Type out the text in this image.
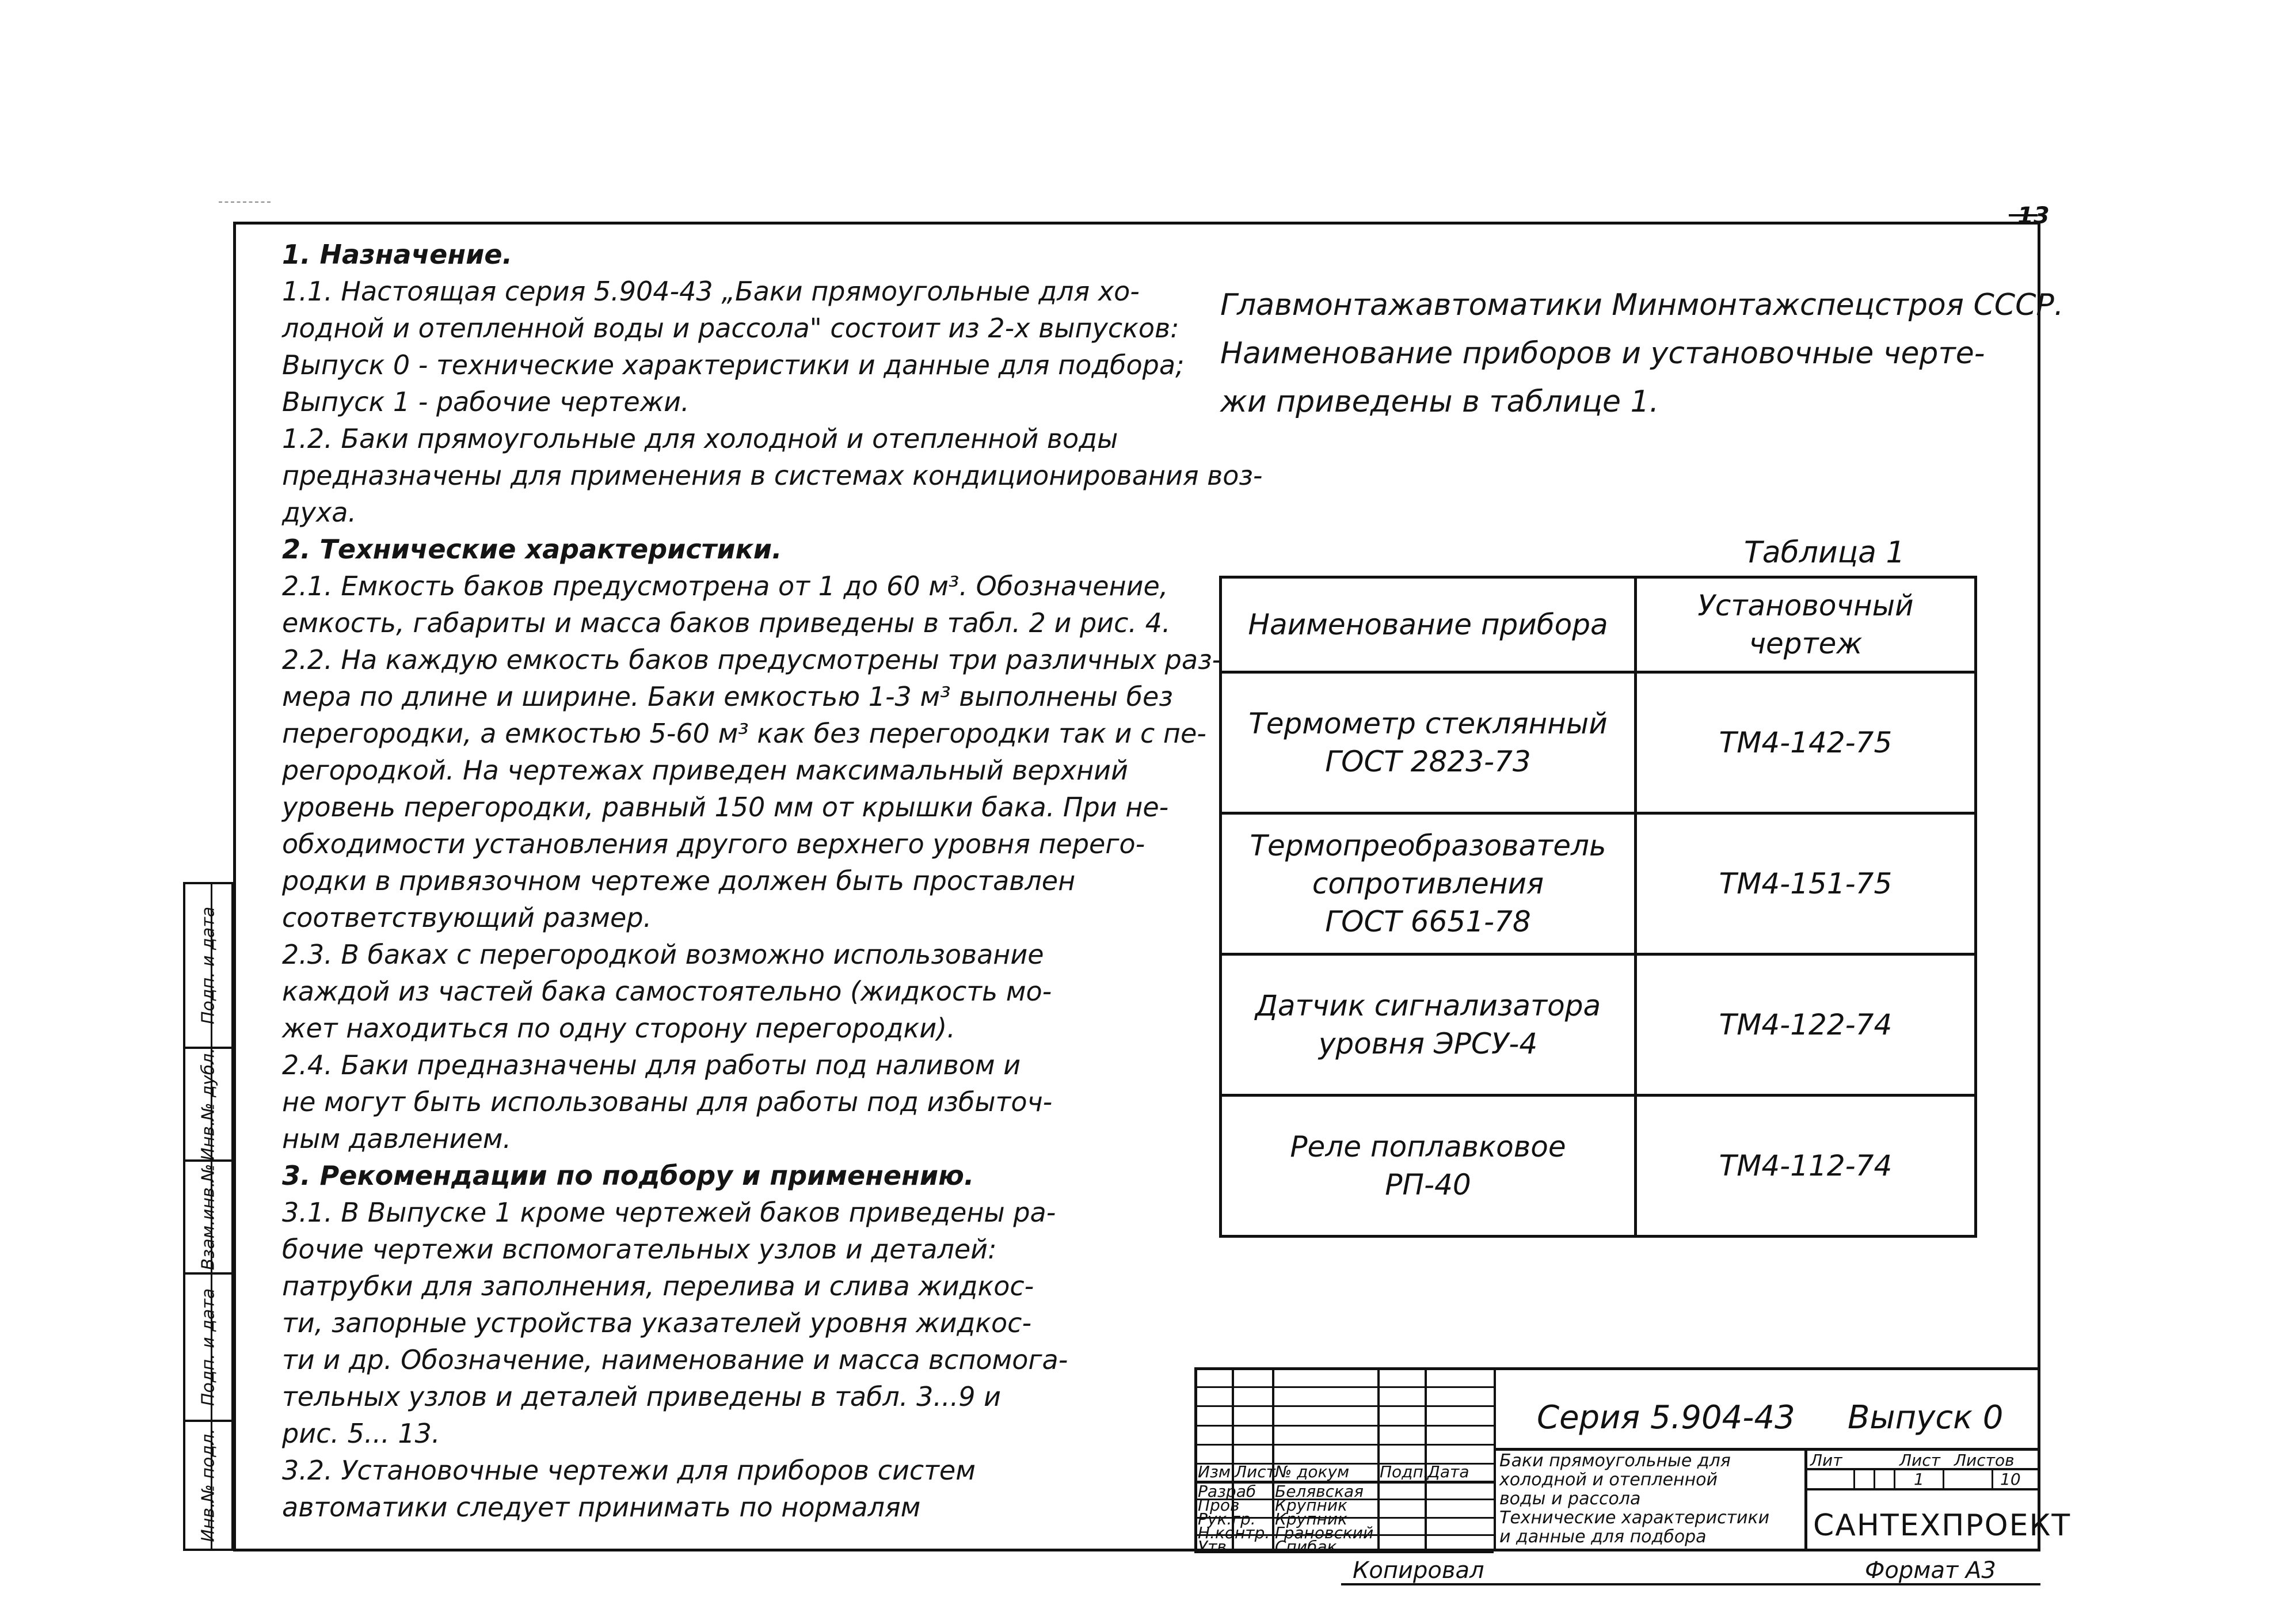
13
1. Назначение.
1.1. Настоящая серия 5.904-43 „Баки прямоугольные для хо-
лодной и отепленной воды и рассола" состоит из 2-х выпусков:
Выпуск 0 - технические характеристики и данные для подбора;
Выпуск 1 - рабочие чертежи.
1.2. Баки прямоугольные для холодной и отепленной воды
предназначены для применения в системах кондиционирования воз-
духа.
2. Технические характеристики.
2.1. Емкость баков предусмотрена от 1 до 60 м³. Обозначение,
емкость, габариты и масса баков приведены в табл. 2 и рис. 4.
2.2. На каждую емкость баков предусмотрены три различных раз-
мера по длине и ширине. Баки емкостью 1-3 м³ выполнены без
перегородки, а емкостью 5-60 м³ как без перегородки так и с пе-
регородкой. На чертежах приведен максимальный верхний
уровень перегородки, равный 150 мм от крышки бака. При не-
обходимости установления другого верхнего уровня перего-
родки в привязочном чертеже должен быть проставлен
соответствующий размер.
2.3. В баках с перегородкой возможно использование
каждой из частей бака самостоятельно (жидкость мо-
жет находиться по одну сторону перегородки).
2.4. Баки предназначены для работы под наливом и
не могут быть использованы для работы под избыточ-
ным давлением.
3. Рекомендации по подбору и применению.
3.1. В Выпуске 1 кроме чертежей баков приведены ра-
бочие чертежи вспомогательных узлов и деталей:
патрубки для заполнения, перелива и слива жидкос-
ти, запорные устройства указателей уровня жидкос-
ти и др. Обозначение, наименование и масса вспомога-
тельных узлов и деталей приведены в табл. 3...9 и
рис. 5... 13.
3.2. Установочные чертежи для приборов систем
автоматики следует принимать по нормалям
Главмонтажавтоматики Минмонтажспецстроя СССР.
Наименование приборов и установочные черте-
жи приведены в таблице 1.
Таблица 1
Наименование прибора	Установочный чертеж

Термометр стеклянный
ГОСТ 2823-73	ТМ4-142-75

Термопреобразователь
сопротивления
ГОСТ 6651-78	ТМ4-151-75

Датчик сигнализатора
уровня ЭРСУ-4	ТМ4-122-74

Реле поплавковое
РП-40	ТМ4-112-74
Подп. и дата
Инв.№ дубл.
Взам.инв.№
Подп. и дата
Инв.№ подл.	Изм Лист № докум Подп.
Дата
Разраб Белявская
Пров Крупник
Рук.гр. Крупник
Н.контр. Грановский
Утв.	Спибак
Баки прямоугольные для
холодной и отепленной
воды и рассола
Технические характеристики
и данные для подбора
Лит	Лист Листов
1	10
Серия 5.904-43 Выпуск 0
САНТЕХПРОЕКТ
Копировал	Формат А3
